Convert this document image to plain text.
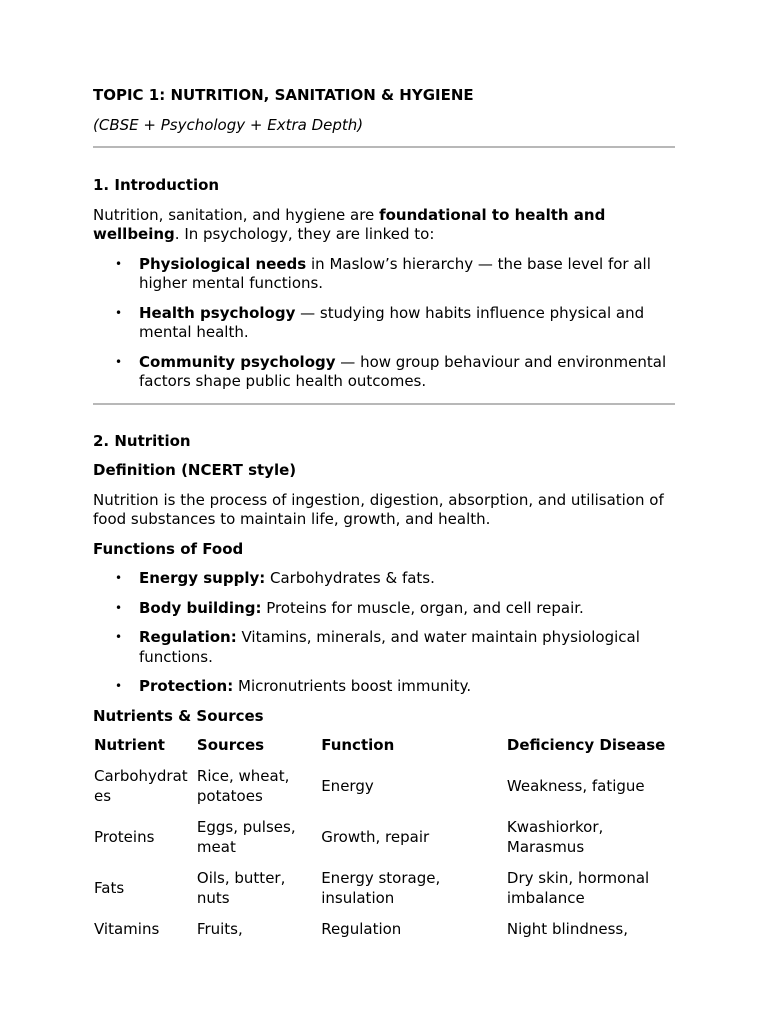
TOPIC 1: NUTRITION, SANITATION & HYGIENE
(CBSE + Psychology + Extra Depth)
1. Introduction

Nutrition, sanitation, and hygiene are foundational to health and wellbeing. In psychology, they are linked to:

• Physiological needs in Maslow’s hierarchy — the base level for all higher mental functions.
• Health psychology — studying how habits influence physical and mental health.
• Community psychology — how group behaviour and environmental factors shape public health outcomes.
2. Nutrition
Definition (NCERT style)

Nutrition is the process of ingestion, digestion, absorption, and utilisation of food substances to maintain life, growth, and health.

Functions of Food
• Energy supply: Carbohydrates & fats.
• Body building: Proteins for muscle, organ, and cell repair.
• Regulation: Vitamins, minerals, and water maintain physiological functions.
• Protection: Micronutrients boost immunity.
Nutrients & Sources
Nutrient	Sources	Function	Deficiency Disease
Carbohydrates	Rice, wheat, potatoes	Energy	Weakness, fatigue
Proteins	Eggs, pulses, meat	Growth, repair	Kwashiorkor, Marasmus
Fats	Oils, butter, nuts	Energy storage, insulation	Dry skin, hormonal imbalance
Vitamins	Fruits,	Regulation	Night blindness,
